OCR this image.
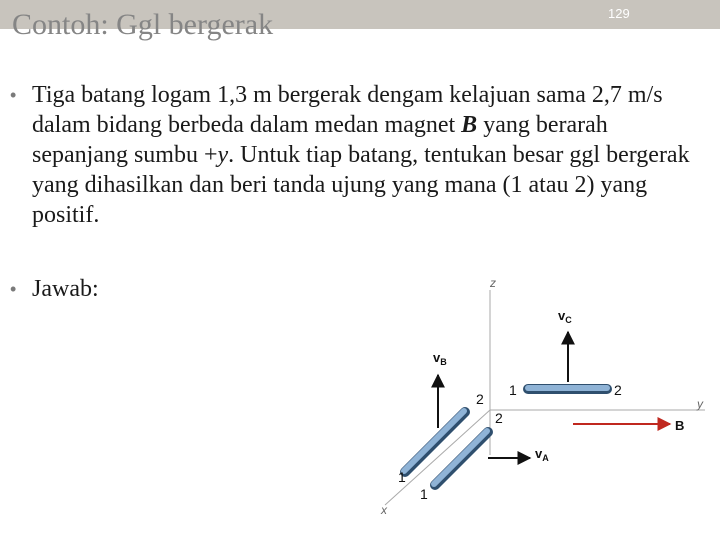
Contoh: Ggl bergerak	129
• Tiga batang logam 1,3 m bergerak dengam kelajuan sama 2,7 m/s dalam bidang berbeda dalam medan magnet B yang berarah sepanjang sumbu +y. Untuk tiap batang, tentukan besar ggl bergerak yang dihasilkan dan beri tanda ujung yang mana (1 atau 2) yang positif.
• Jawab:	z
y
x
B
$v_C$
1	2
$v_B$
2
1
$v_A$
2
1
